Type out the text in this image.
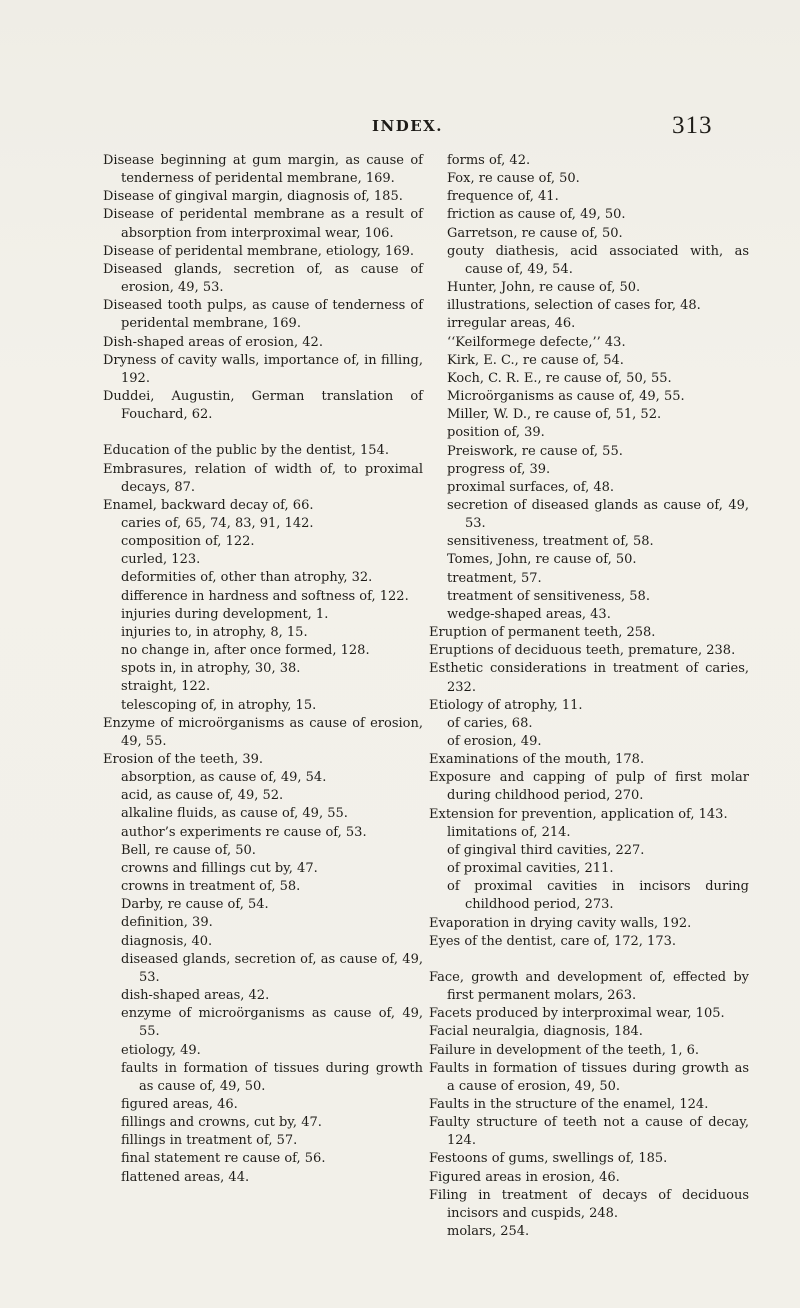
INDEX.	313
Disease beginning at gum margin, as cause of tenderness of peridental membrane, 169.
Disease of gingival margin, diagnosis of, 185.
Disease of peridental membrane as a result of absorption from interproximal wear, 106.
Disease of peridental membrane, etiology, 169.
Diseased glands, secretion of, as cause of erosion, 49, 53.
Diseased tooth pulps, as cause of tenderness of peridental membrane, 169.
Dish-shaped areas of erosion, 42.
Dryness of cavity walls, importance of, in filling, 192.
Duddei, Augustin, German translation of Fouchard, 62.
Education of the public by the dentist, 154.
Embrasures, relation of width of, to proximal decays, 87.
Enamel, backward decay of, 66.
caries of, 65, 74, 83, 91, 142.
composition of, 122.
curled, 123.
deformities of, other than atrophy, 32.
difference in hardness and softness of, 122.
injuries during development, 1.
injuries to, in atrophy, 8, 15.
no change in, after once formed, 128.
spots in, in atrophy, 30, 38.
straight, 122.
telescoping of, in atrophy, 15.
Enzyme of microörganisms as cause of erosion, 49, 55.
Erosion of the teeth, 39.
absorption, as cause of, 49, 54.
acid, as cause of, 49, 52.
alkaline fluids, as cause of, 49, 55.
author’s experiments re cause of, 53.
Bell, re cause of, 50.
crowns and fillings cut by, 47.
crowns in treatment of, 58.
Darby, re cause of, 54.
definition, 39.
diagnosis, 40.
diseased glands, secretion of, as cause of, 49, 53.
dish-shaped areas, 42.
enzyme of microörganisms as cause of, 49, 55.
etiology, 49.
faults in formation of tissues during growth as cause of, 49, 50.
figured areas, 46.
fillings and crowns, cut by, 47.
fillings in treatment of, 57.
final statement re cause of, 56.
flattened areas, 44.
forms of, 42.
Fox, re cause of, 50.
frequence of, 41.
friction as cause of, 49, 50.
Garretson, re cause of, 50.
gouty diathesis, acid associated with, as cause of, 49, 54.
Hunter, John, re cause of, 50.
illustrations, selection of cases for, 48.
irregular areas, 46.
‘‘Keilformege defecte,’’ 43.
Kirk, E. C., re cause of, 54.
Koch, C. R. E., re cause of, 50, 55.
Microörganisms as cause of, 49, 55.
Miller, W. D., re cause of, 51, 52.
position of, 39.
Preiswork, re cause of, 55.
progress of, 39.
proximal surfaces, of, 48.
secretion of diseased glands as cause of, 49, 53.
sensitiveness, treatment of, 58.
Tomes, John, re cause of, 50.
treatment, 57.
treatment of sensitiveness, 58.
wedge-shaped areas, 43.
Eruption of permanent teeth, 258.
Eruptions of deciduous teeth, premature, 238.
Esthetic considerations in treatment of caries, 232.
Etiology of atrophy, 11.
of caries, 68.
of erosion, 49.
Examinations of the mouth, 178.
Exposure and capping of pulp of first molar during childhood period, 270.
Extension for prevention, application of, 143.
limitations of, 214.
of gingival third cavities, 227.
of proximal cavities, 211.
of proximal cavities in incisors during childhood period, 273.
Evaporation in drying cavity walls, 192.
Eyes of the dentist, care of, 172, 173.
Face, growth and development of, effected by first permanent molars, 263.
Facets produced by interproximal wear, 105.
Facial neuralgia, diagnosis, 184.
Failure in development of the teeth, 1, 6.
Faults in formation of tissues during growth as a cause of erosion, 49, 50.
Faults in the structure of the enamel, 124.
Faulty structure of teeth not a cause of decay, 124.
Festoons of gums, swellings of, 185.
Figured areas in erosion, 46.
Filing in treatment of decays of deciduous incisors and cuspids, 248.
molars, 254.
